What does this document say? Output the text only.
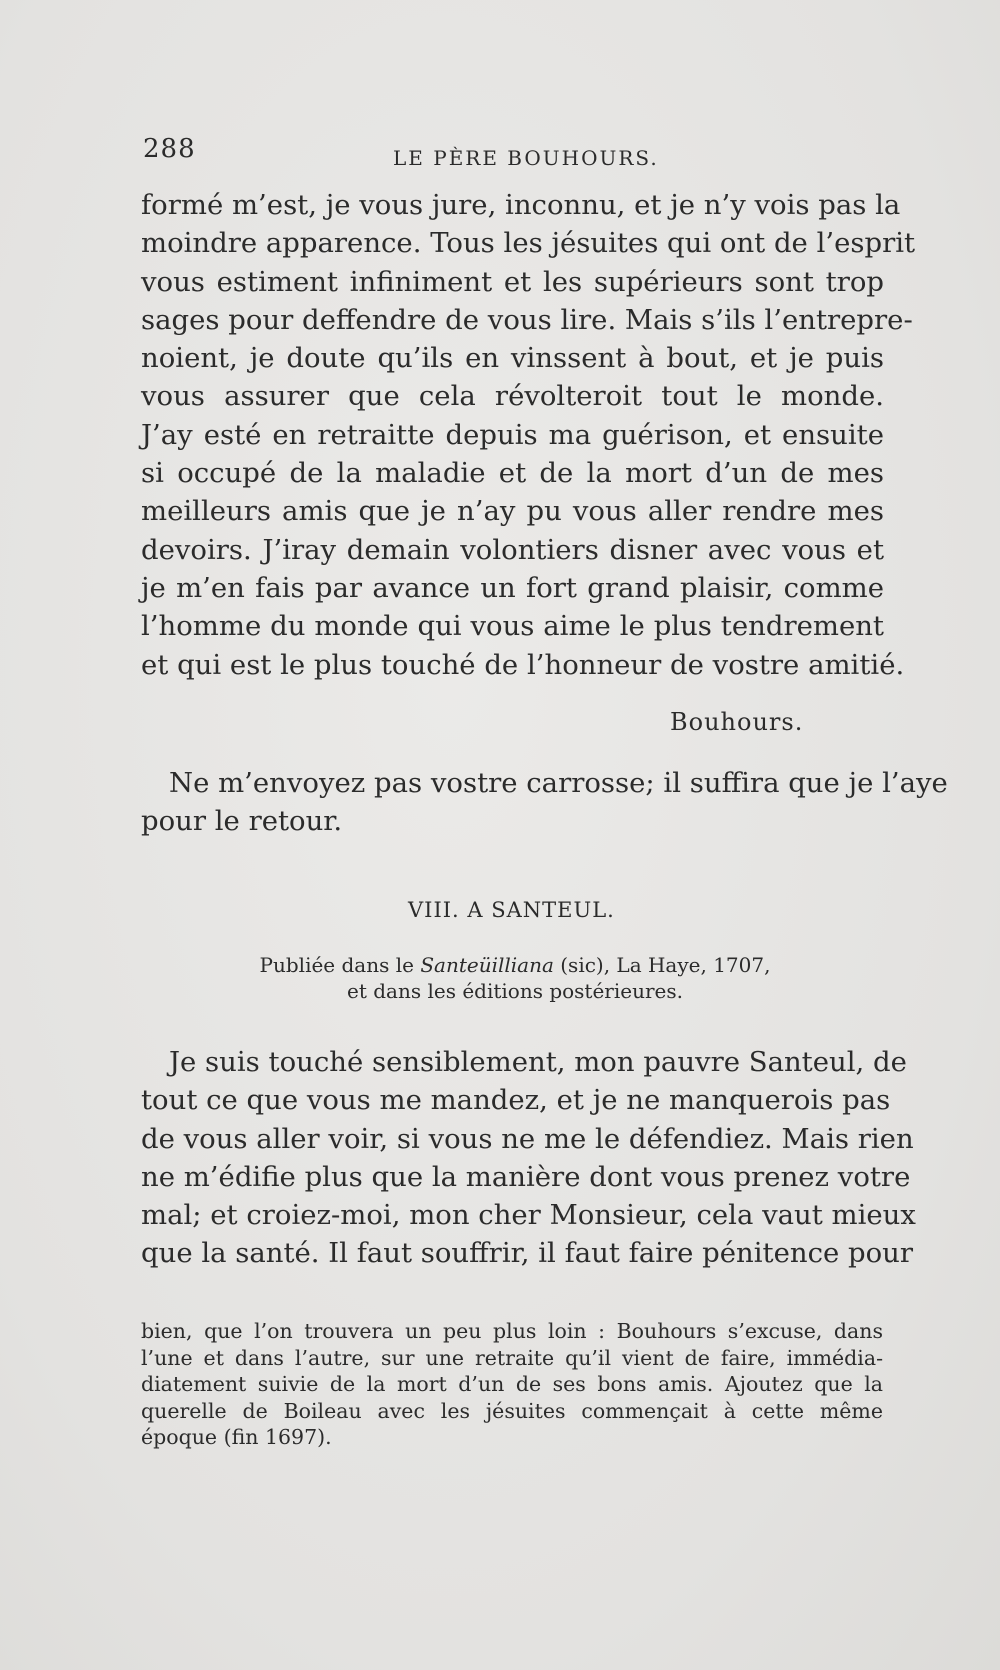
288	LE PÈRE BOUHOURS.
formé m’est, je vous jure, inconnu, et je n’y vois pas la
moindre apparence. Tous les jésuites qui ont de l’esprit
vous estiment infiniment et les supérieurs sont trop
sages pour deffendre de vous lire. Mais s’ils l’entrepre-
noient, je doute qu’ils en vinssent à bout, et je puis
vous assurer que cela révolteroit tout le monde.
J’ay esté en retraitte depuis ma guérison, et ensuite
si occupé de la maladie et de la mort d’un de mes
meilleurs amis que je n’ay pu vous aller rendre mes
devoirs. J’iray demain volontiers disner avec vous et
je m’en fais par avance un fort grand plaisir, comme
l’homme du monde qui vous aime le plus tendrement
et qui est le plus touché de l’honneur de vostre amitié.
Bouhours.
Ne m’envoyez pas vostre carrosse; il suffira que je l’aye
pour le retour.
VIII. A SANTEUL.
Publiée dans le Santeüilliana (sic), La Haye, 1707,
et dans les éditions postérieures.
Je suis touché sensiblement, mon pauvre Santeul, de
tout ce que vous me mandez, et je ne manquerois pas
de vous aller voir, si vous ne me le défendiez. Mais rien
ne m’édifie plus que la manière dont vous prenez votre
mal; et croiez-moi, mon cher Monsieur, cela vaut mieux
que la santé. Il faut souffrir, il faut faire pénitence pour
bien, que l’on trouvera un peu plus loin : Bouhours s’excuse, dans
l’une et dans l’autre, sur une retraite qu’il vient de faire, immédia-
diatement suivie de la mort d’un de ses bons amis. Ajoutez que la
querelle de Boileau avec les jésuites commençait à cette même
époque (fin 1697).
